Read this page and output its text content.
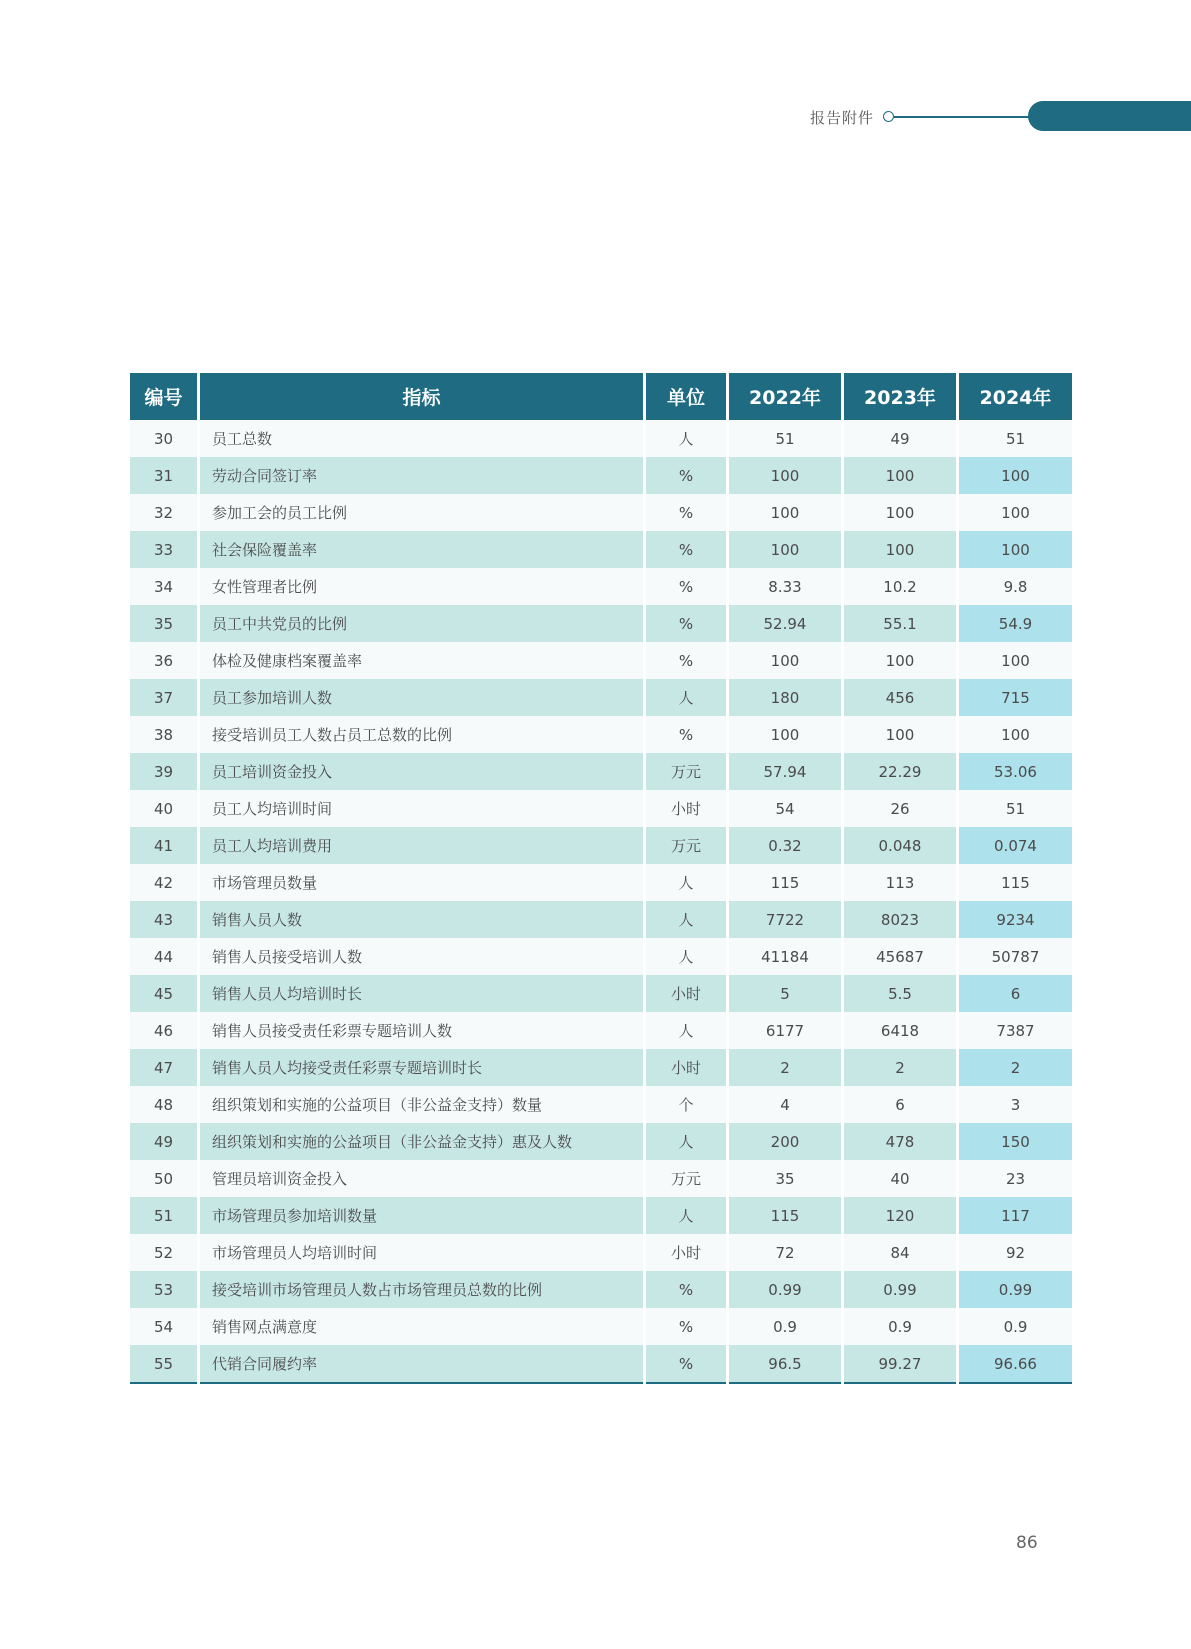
报告附件
编号	指标	单位	2022年	2023年	2024年
30	员工总数	人	51	49	51
31	劳动合同签订率	%	100	100	100
32	参加工会的员工比例	%	100	100	100
33	社会保险覆盖率	%	100	100	100
34	女性管理者比例	%	8.33	10.2	9.8
35	员工中共党员的比例	%	52.94	55.1	54.9
36	体检及健康档案覆盖率	%	100	100	100
37	员工参加培训人数	人	180	456	715
38	接受培训员工人数占员工总数的比例	%	100	100	100
39	员工培训资金投入	万元	57.94	22.29	53.06
40	员工人均培训时间	小时	54	26	51
41	员工人均培训费用	万元	0.32	0.048	0.074
42	市场管理员数量	人	115	113	115
43	销售人员人数	人	7722	8023	9234
44	销售人员接受培训人数	人	41184	45687	50787
45	销售人员人均培训时长	小时	5	5.5	6
46	销售人员接受责任彩票专题培训人数	人	6177	6418	7387
47	销售人员人均接受责任彩票专题培训时长	小时	2	2	2
48	组织策划和实施的公益项目（非公益金支持）数量	个	4	6	3
49	组织策划和实施的公益项目（非公益金支持）惠及人数	人	200	478	150
50	管理员培训资金投入	万元	35	40	23
51	市场管理员参加培训数量	人	115	120	117
52	市场管理员人均培训时间	小时	72	84	92
53	接受培训市场管理员人数占市场管理员总数的比例	%	0.99	0.99	0.99
54	销售网点满意度	%	0.9	0.9	0.9
55	代销合同履约率	%	96.5	99.27	96.66
86
